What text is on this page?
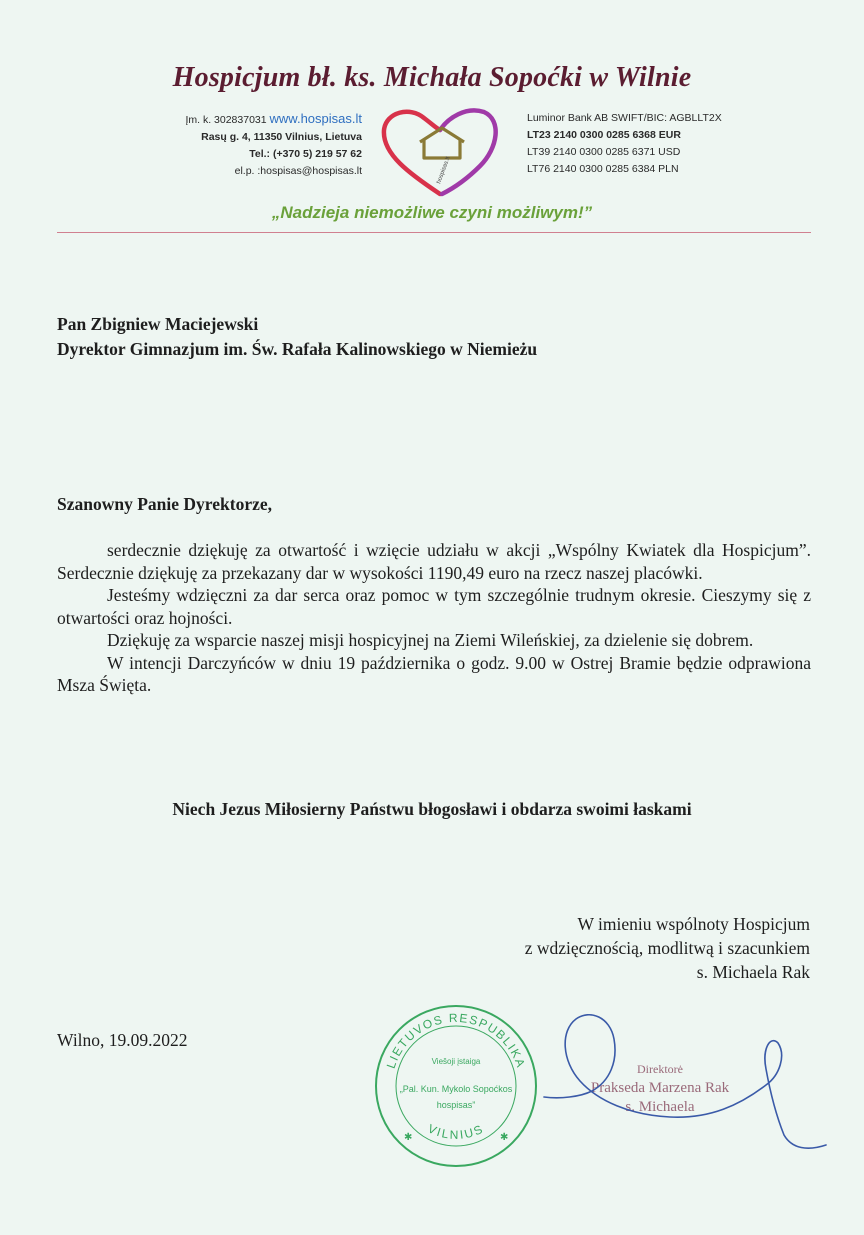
Hospicjum bł. ks. Michała Sopoćki w Wilnie
Įm. k. 302837031 www.hospisas.lt
Rasų g. 4, 11350 Vilnius, Lietuva
Tel.: (+370 5) 219 57 62
el.p. :hospisas@hospisas.lt	hospisas.lt
Luminor Bank AB SWIFT/BIC: AGBLLT2X
LT23 2140 0300 0285 6368 EUR
LT39 2140 0300 0285 6371 USD
LT76 2140 0300 0285 6384 PLN
„Nadzieja niemożliwe czyni możliwym!”
Pan Zbigniew Maciejewski
Dyrektor Gimnazjum im. Św. Rafała Kalinowskiego w Niemieżu
Szanowny Panie Dyrektorze,

serdecznie dziękuję za otwartość i wzięcie udziału w akcji „Wspólny Kwiatek dla Hospicjum”. Serdecznie dziękuję za przekazany dar w wysokości 1190,49 euro na rzecz naszej placówki.

Jesteśmy wdzięczni za dar serca oraz pomoc w tym szczególnie trudnym okresie. Cieszymy się z otwartości oraz hojności.

Dziękuję za wsparcie naszej misji hospicyjnej na Ziemi Wileńskiej, za dzielenie się dobrem.

W intencji Darczyńców w dniu 19 października o godz. 9.00 w Ostrej Bramie będzie odprawiona Msza Święta.

Niech Jezus Miłosierny Państwu błogosławi i obdarza swoimi łaskami
W imieniu wspólnoty Hospicjum
z wdzięcznością, modlitwą i szacunkiem
s. Michaela Rak
Wilno, 19.09.2022
LIETUVOS RESPUBLIKA
VILNIUS
Viešoji įstaiga
„Pal. Kun. Mykolo Sopoćkos
hospisas”
✱	✱
Direktorė
Prakseda Marzena Rak
s. Michaela
